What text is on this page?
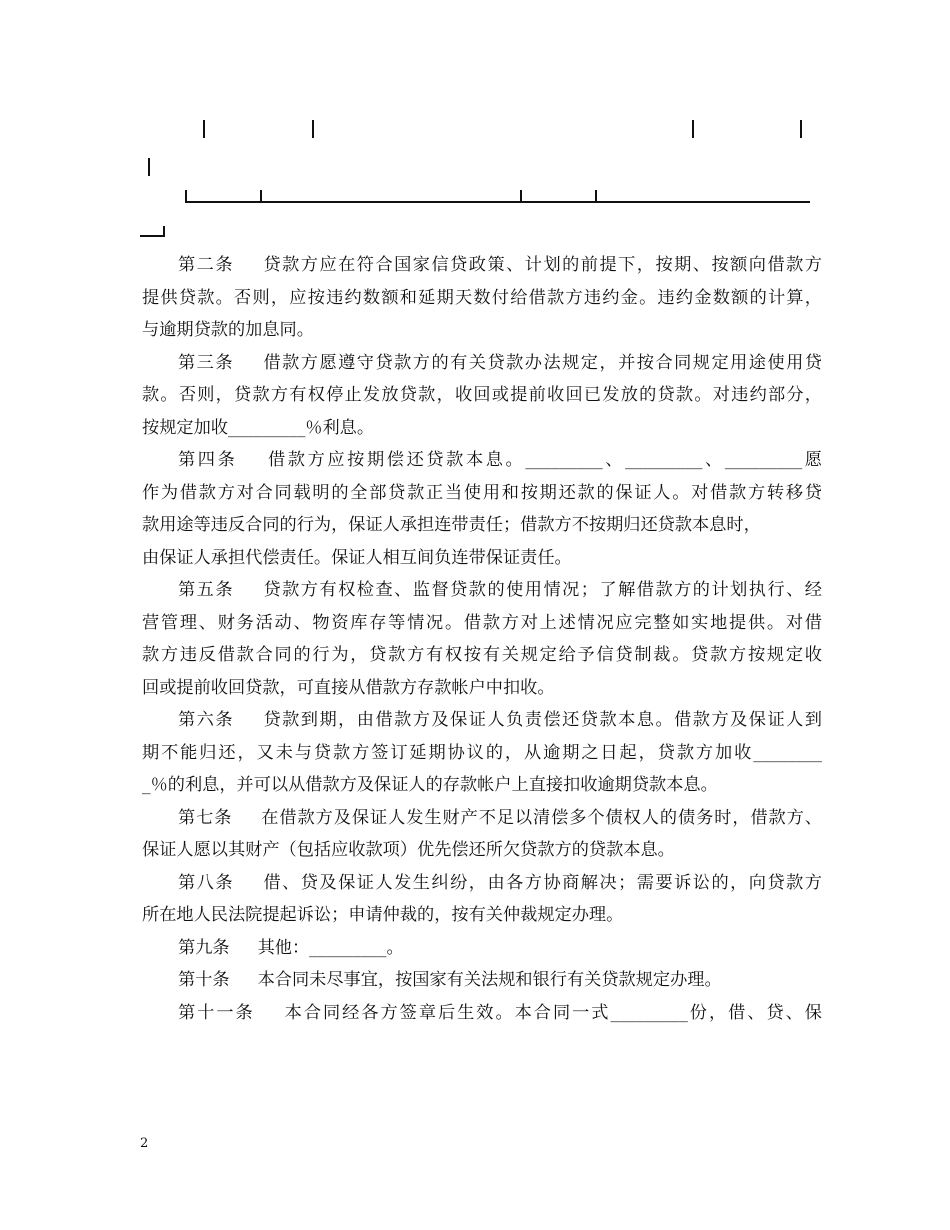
第二条 贷款方应在符合国家信贷政策、计划的前提下，按期、按额向借款方
提供贷款。否则，应按违约数额和延期天数付给借款方违约金。违约金数额的计算，
与逾期贷款的加息同。
第三条 借款方愿遵守贷款方的有关贷款办法规定，并按合同规定用途使用贷
款。否则，贷款方有权停止发放贷款，收回或提前收回已发放的贷款。对违约部分，
按规定加收_________％利息。
第四条 借款方应按期偿还贷款本息。_________、_________、_________愿
作为借款方对合同载明的全部贷款正当使用和按期还款的保证人。对借款方转移贷
款用途等违反合同的行为，保证人承担连带责任；借款方不按期归还贷款本息时，
由保证人承担代偿责任。保证人相互间负连带保证责任。
第五条 贷款方有权检查、监督贷款的使用情况；了解借款方的计划执行、经
营管理、财务活动、物资库存等情况。借款方对上述情况应完整如实地提供。对借
款方违反借款合同的行为，贷款方有权按有关规定给予信贷制裁。贷款方按规定收
回或提前收回贷款，可直接从借款方存款帐户中扣收。
第六条 贷款到期，由借款方及保证人负责偿还贷款本息。借款方及保证人到
期不能归还，又未与贷款方签订延期协议的，从逾期之日起，贷款方加收________
_％的利息，并可以从借款方及保证人的存款帐户上直接扣收逾期贷款本息。
第七条 在借款方及保证人发生财产不足以清偿多个债权人的债务时，借款方、
保证人愿以其财产（包括应收款项）优先偿还所欠贷款方的贷款本息。
第八条 借、贷及保证人发生纠纷，由各方协商解决；需要诉讼的，向贷款方
所在地人民法院提起诉讼；申请仲裁的，按有关仲裁规定办理。
第九条 其他：_________。
第十条 本合同未尽事宜，按国家有关法规和银行有关贷款规定办理。
第十一条 本合同经各方签章后生效。本合同一式_________份，借、贷、保
2
